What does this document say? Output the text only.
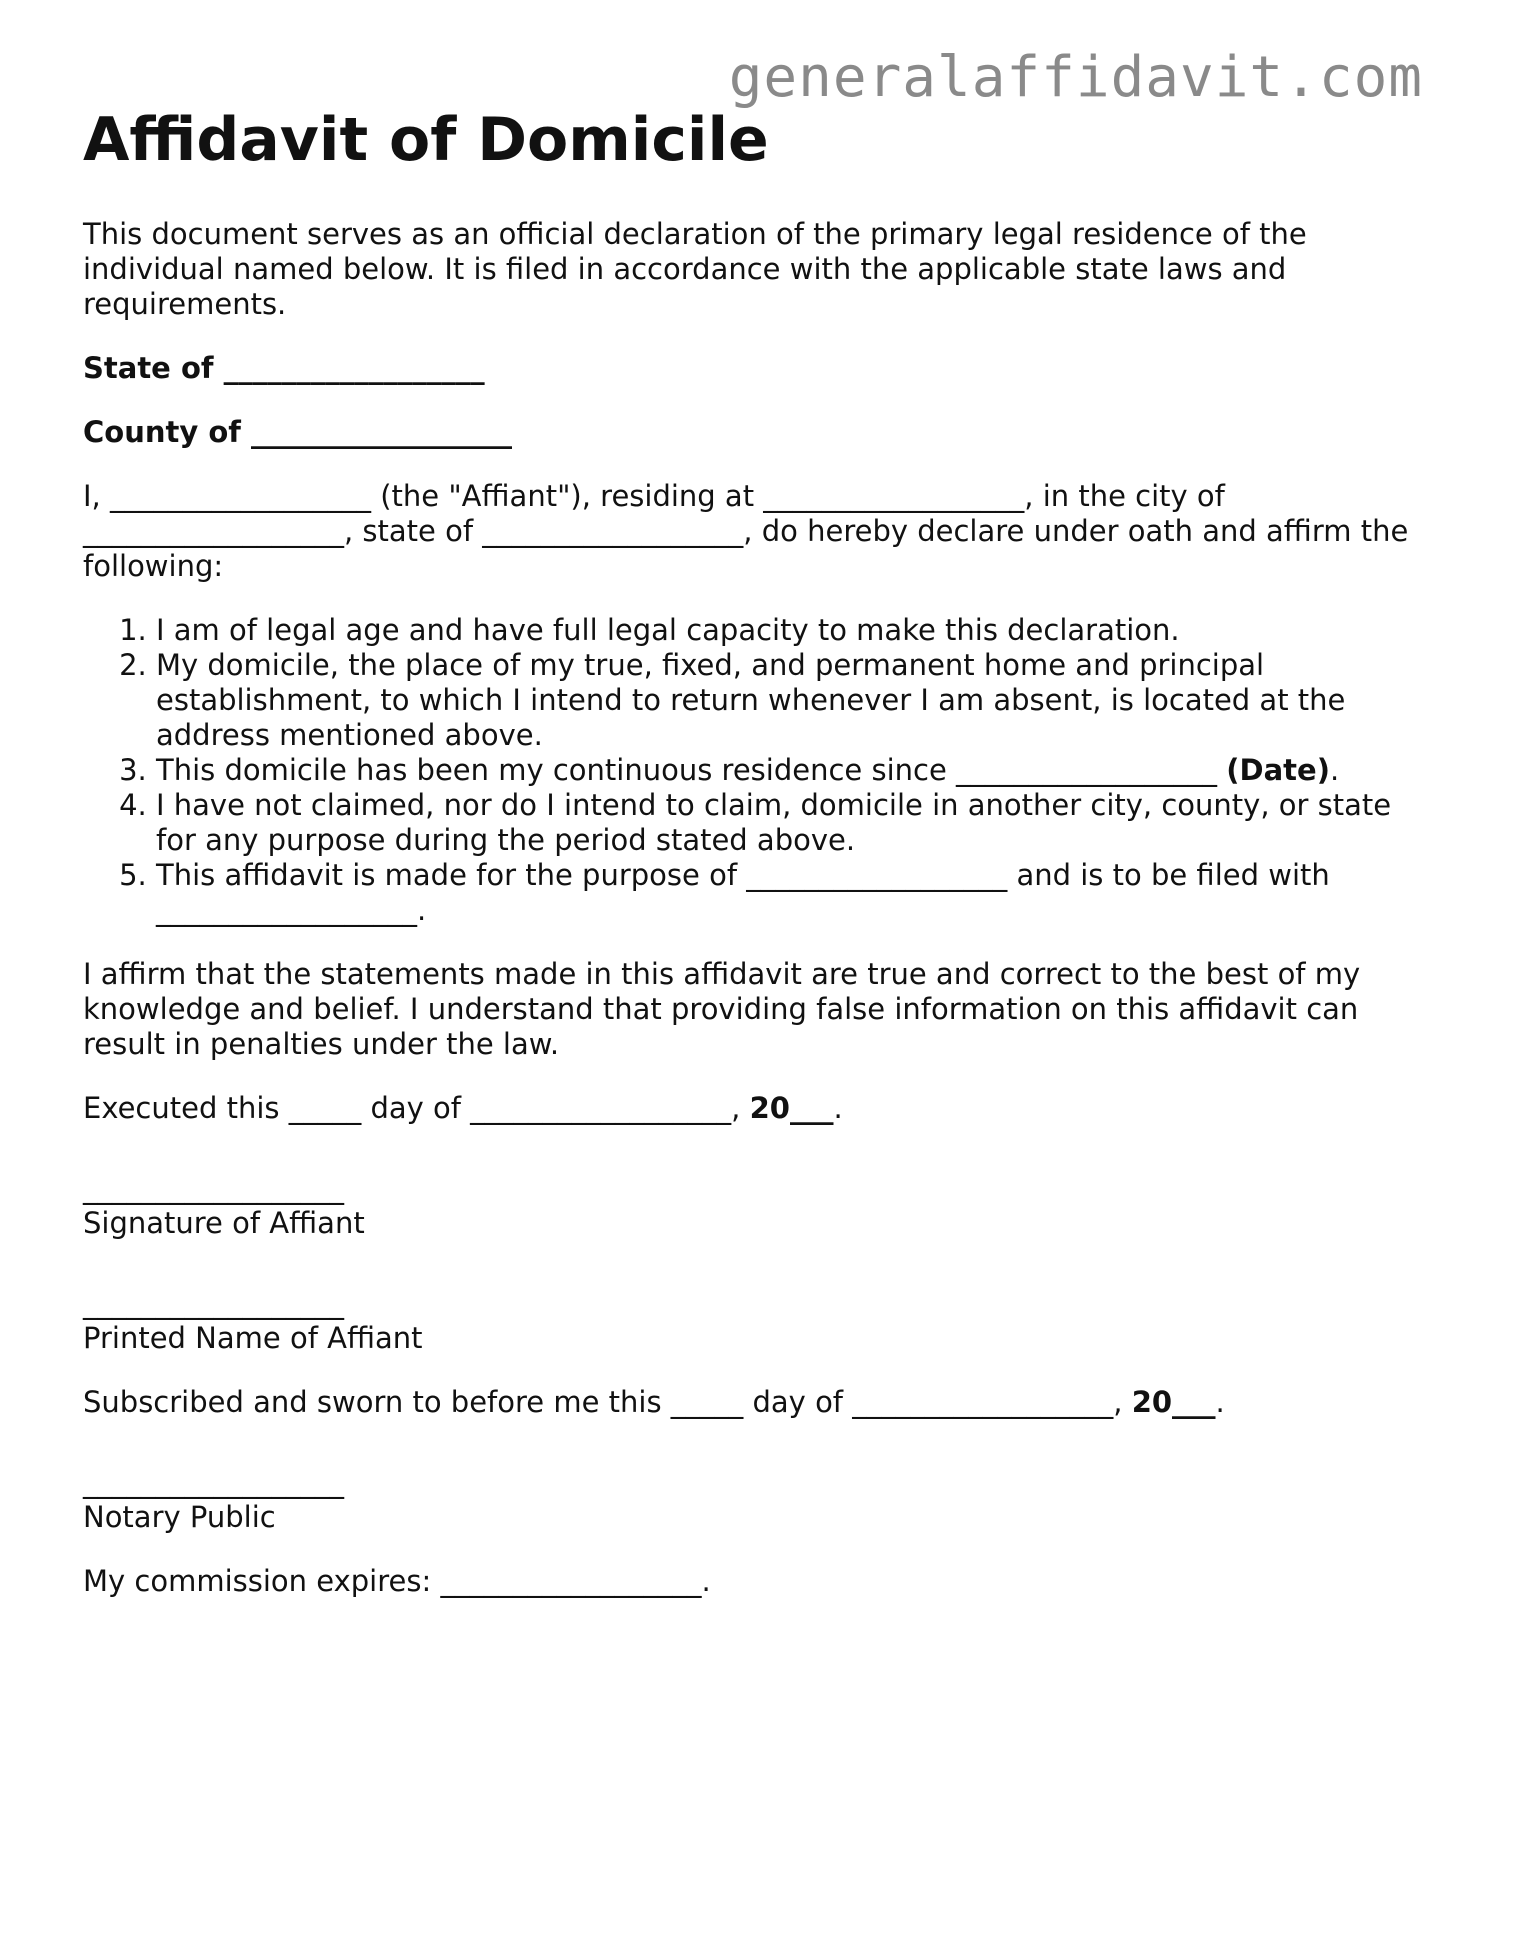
generalaffidavit.com
Affidavit of Domicile

This document serves as an official declaration of the primary legal residence of the individual named below. It is filed in accordance with the applicable state laws and requirements.

State of __________________

County of __________________

I, __________________ (the "Affiant"), residing at __________________, in the city of __________________, state of __________________, do hereby declare under oath and affirm the following:

1. I am of legal age and have full legal capacity to make this declaration.
2. My domicile, the place of my true, fixed, and permanent home and principal establishment, to which I intend to return whenever I am absent, is located at the address mentioned above.
3. This domicile has been my continuous residence since __________________ (Date).
4. I have not claimed, nor do I intend to claim, domicile in another city, county, or state for any purpose during the period stated above.
5. This affidavit is made for the purpose of __________________ and is to be filed with __________________.

I affirm that the statements made in this affidavit are true and correct to the best of my knowledge and belief. I understand that providing false information on this affidavit can result in penalties under the law.

Executed this _____ day of __________________, 20___.

__________________
Signature of Affiant
__________________
Printed Name of Affiant

Subscribed and sworn to before me this _____ day of __________________, 20___.

__________________
Notary Public

My commission expires: __________________.
